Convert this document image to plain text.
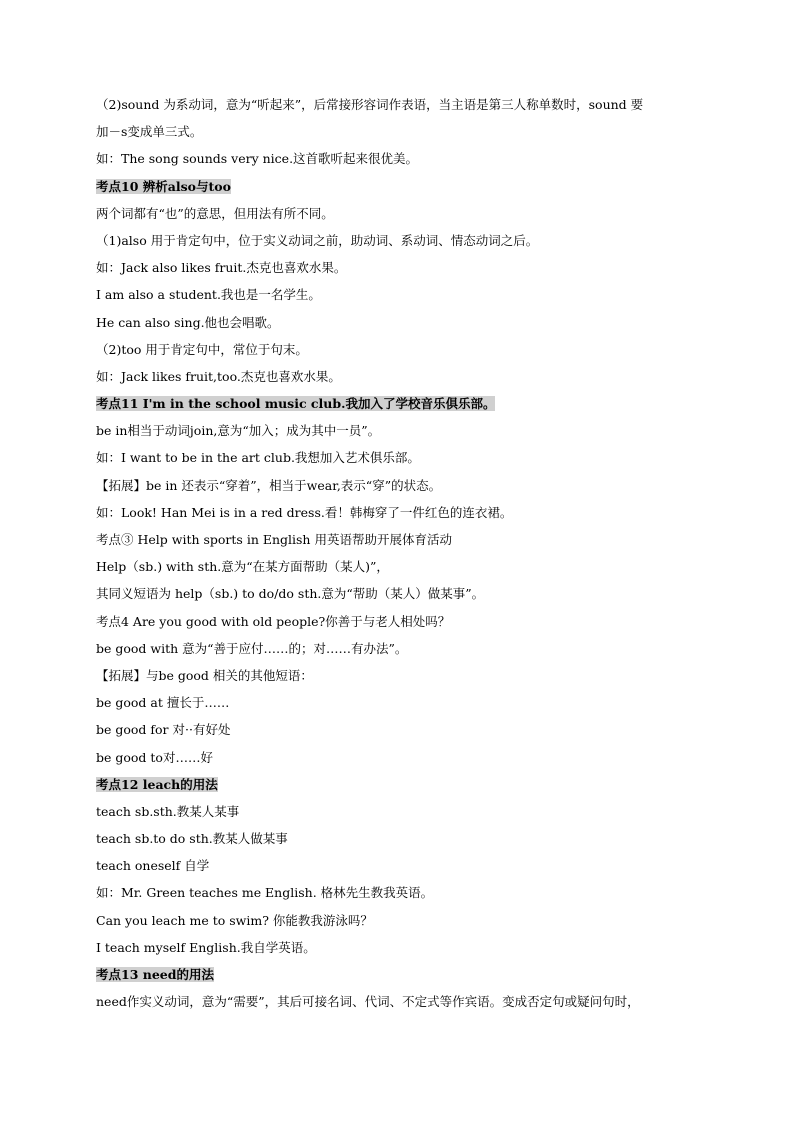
（2)sound 为系动词，意为“听起来”，后常接形容词作表语，当主语是第三人称单数时，sound 要
加－s变成单三式。
如：The song sounds very nice.这首歌听起来很优美。
考点10 辨析also与too
两个词都有“也”的意思，但用法有所不同。
（1)also 用于肯定句中，位于实义动词之前，助动词、系动词、情态动词之后。
如：Jack also likes fruit.杰克也喜欢水果。
I am also a student.我也是一名学生。
He can also sing.他也会唱歌。
（2)too 用于肯定句中，常位于句末。
如：Jack likes fruit,too.杰克也喜欢水果。
考点11 I'm in the school music club.我加入了学校音乐俱乐部。
be in相当于动词join,意为“加入；成为其中一员”。
如：I want to be in the art club.我想加入艺术俱乐部。
【拓展】be in 还表示“穿着”，相当于wear,表示“穿”的状态。
如：Look! Han Mei is in a red dress.看！韩梅穿了一件红色的连衣裙。
考点③ Help with sports in English 用英语帮助开展体育活动
Help（sb.) with sth.意为“在某方面帮助（某人)”，
其同义短语为 help（sb.) to do/do sth.意为“帮助（某人）做某事”。
考点4 Are you good with old people?你善于与老人相处吗？
be good with 意为“善于应付……的；对……有办法”。
【拓展】与be good 相关的其他短语：
be good at 擅长于……
be good for 对··有好处
be good to对……好
考点12 leach的用法
teach sb.sth.教某人某事
teach sb.to do sth.教某人做某事
teach oneself 自学
如：Mr. Green teaches me English. 格林先生教我英语。
Can you leach me to swim? 你能教我游泳吗？
I teach myself English.我自学英语。
考点13 need的用法
need作实义动词，意为“需要”，其后可接名词、代词、不定式等作宾语。变成否定句或疑问句时，
